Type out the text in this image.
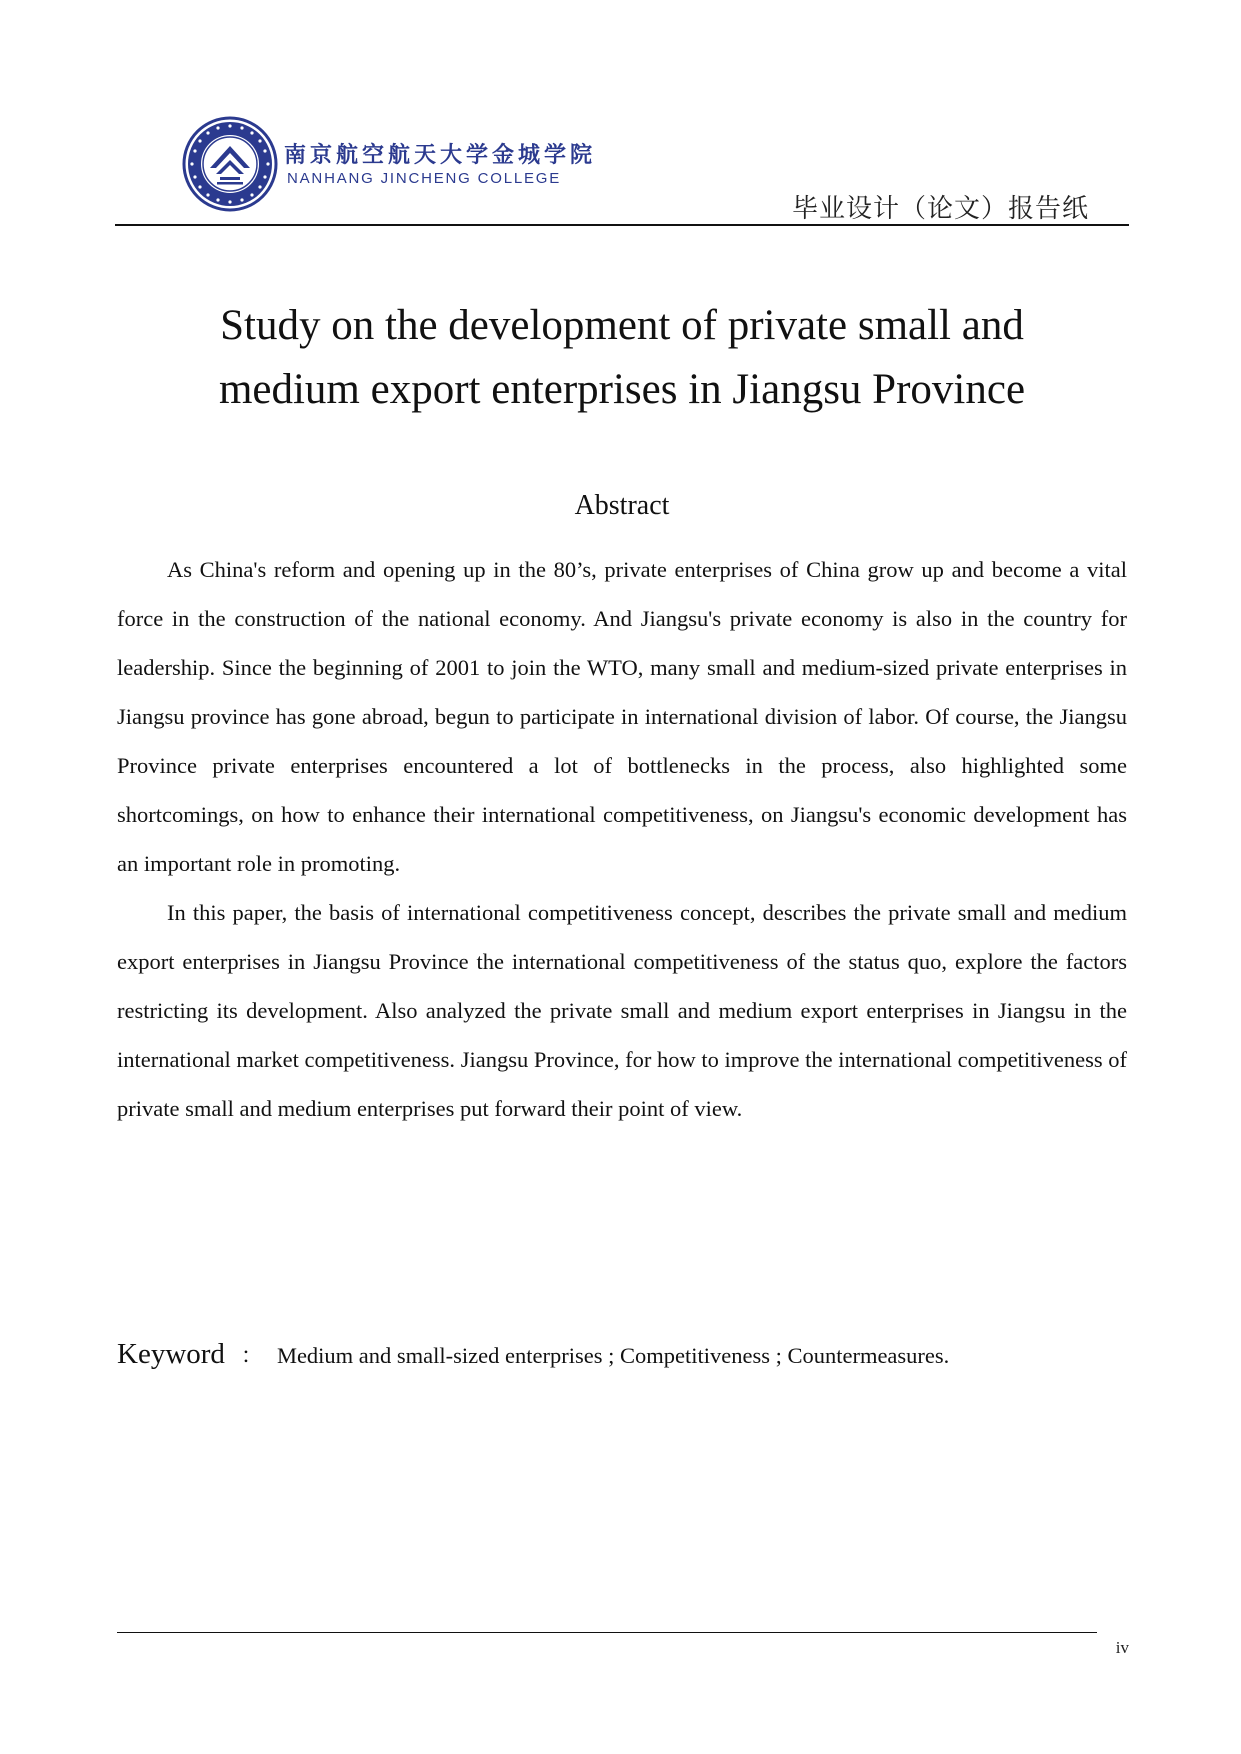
南京航空航天大学金城学院
NANHANG JINCHENG COLLEGE
毕业设计（论文）报告纸
Study on the development of private small and
medium export enterprises in Jiangsu Province
Abstract

As China's reform and opening up in the 80’s, private enterprises of China grow up and become a vital force in the construction of the national economy. And Jiangsu's private economy is also in the country for leadership. Since the beginning of 2001 to join the WTO, many small and medium-sized private enterprises in Jiangsu province has gone abroad, begun to participate in international division of labor. Of course, the Jiangsu Province private enterprises encountered a lot of bottlenecks in the process, also highlighted some shortcomings, on how to enhance their international competitiveness, on Jiangsu's economic development has an important role in promoting.

In this paper, the basis of international competitiveness concept, describes the private small and medium export enterprises in Jiangsu Province the international competitiveness of the status quo, explore the factors restricting its development. Also analyzed the private small and medium export enterprises in Jiangsu in the international market competitiveness. Jiangsu Province, for how to improve the international competitiveness of private small and medium enterprises put forward their point of view.

Keyword ： Medium and small-sized enterprises ; Competitiveness ; Countermeasures.
iv
